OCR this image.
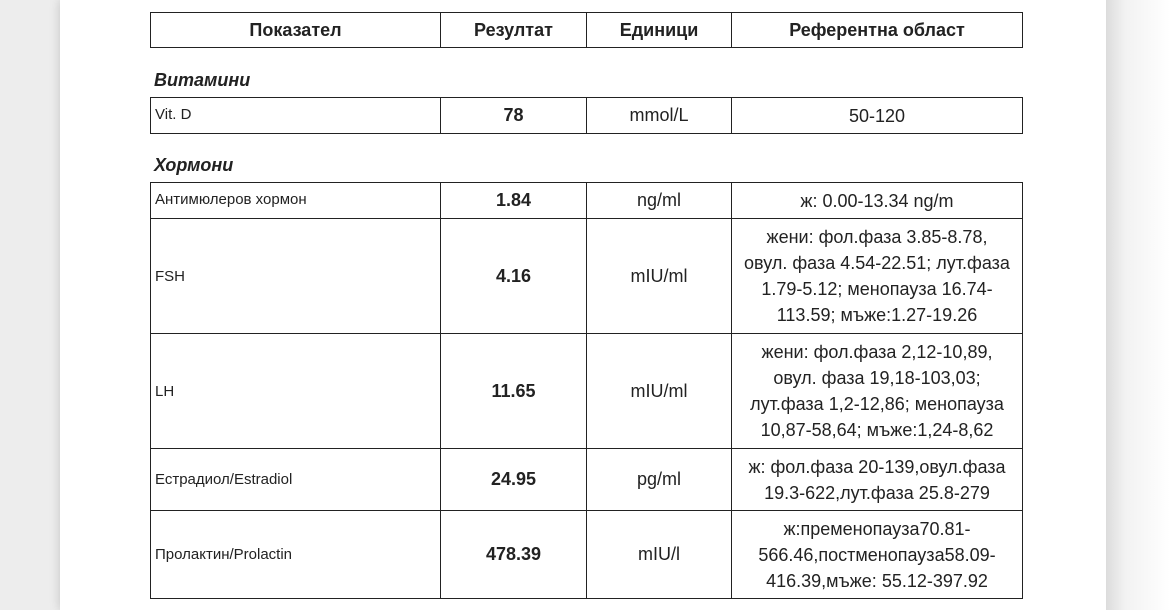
Показател	Резултат	Единици	Референтна област
Витамини
Vit. D	78	mmol/L	50-120
Хормони
Антимюлеров хормон	1.84	ng/ml	ж: 0.00-13.34 ng/m

FSH	4.16	mIU/ml	жени: фол.фаза 3.85-8.78,
овул. фаза 4.54-22.51; лут.фаза
1.79-5.12; менопауза 16.74-
113.59; мъже:1.27-19.26

LH	11.65	mIU/ml	жени: фол.фаза 2,12-10,89,
овул. фаза 19,18-103,03;
лут.фаза 1,2-12,86; менопауза
10,87-58,64; мъже:1,24-8,62

Естрадиол/Estradiol	24.95	pg/ml	ж: фол.фаза 20-139,овул.фаза
19.3-622,лут.фаза 25.8-279

Пролактин/Prolactin	478.39	mIU/l	ж:пременопауза70.81-
566.46,постменопауза58.09-
416.39,мъже: 55.12-397.92
